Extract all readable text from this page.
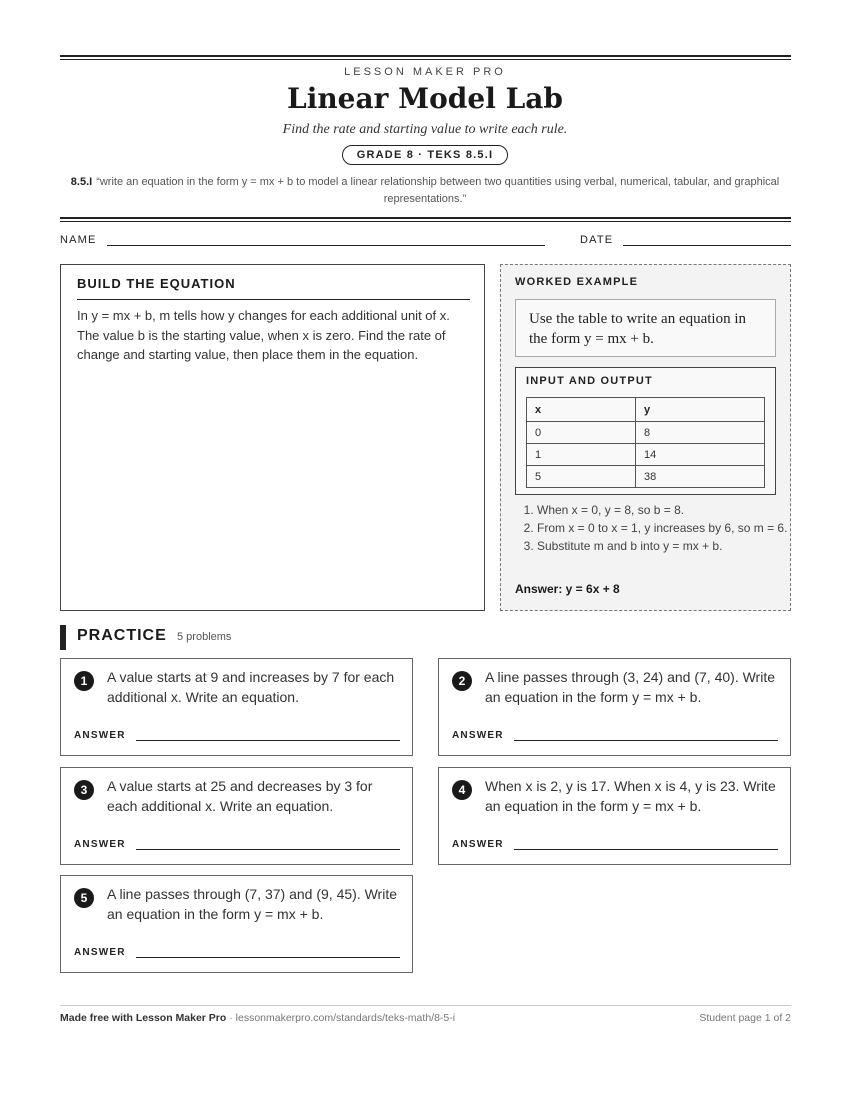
LESSON MAKER PRO
Linear Model Lab
Find the rate and starting value to write each rule.
GRADE 8 · TEKS 8.5.I
8.5.I “write an equation in the form y = mx + b to model a linear relationship between two quantities using verbal, numerical, tabular, and graphical representations.”
NAME	DATE
BUILD THE EQUATION
In y = mx + b, m tells how y changes for each additional unit of x. The value b is the starting value, when x is zero. Find the rate of change and starting value, then place them in the equation.
WORKED EXAMPLE
Use the table to write an equation in the form y = mx + b.
INPUT AND OUTPUT
x	y
0	8
1	14
5	38
1. When x = 0, y = 8, so b = 8.
2. From x = 0 to x = 1, y increases by 6, so m = 6.
3. Substitute m and b into y = mx + b.
Answer: y = 6x + 8
PRACTICE 5 problems
1	A value starts at 9 and increases by 7 for each additional x. Write an equation.
ANSWER
2	A line passes through (3, 24) and (7, 40). Write an equation in the form y = mx + b.
ANSWER
3	A value starts at 25 and decreases by 3 for each additional x. Write an equation.
ANSWER
4	When x is 2, y is 17. When x is 4, y is 23. Write an equation in the form y = mx + b.
ANSWER
5	A line passes through (7, 37) and (9, 45). Write an equation in the form y = mx + b.
ANSWER
Made free with Lesson Maker Pro · lessonmakerpro.com/standards/teks-math/8-5-i	Student page 1 of 2
